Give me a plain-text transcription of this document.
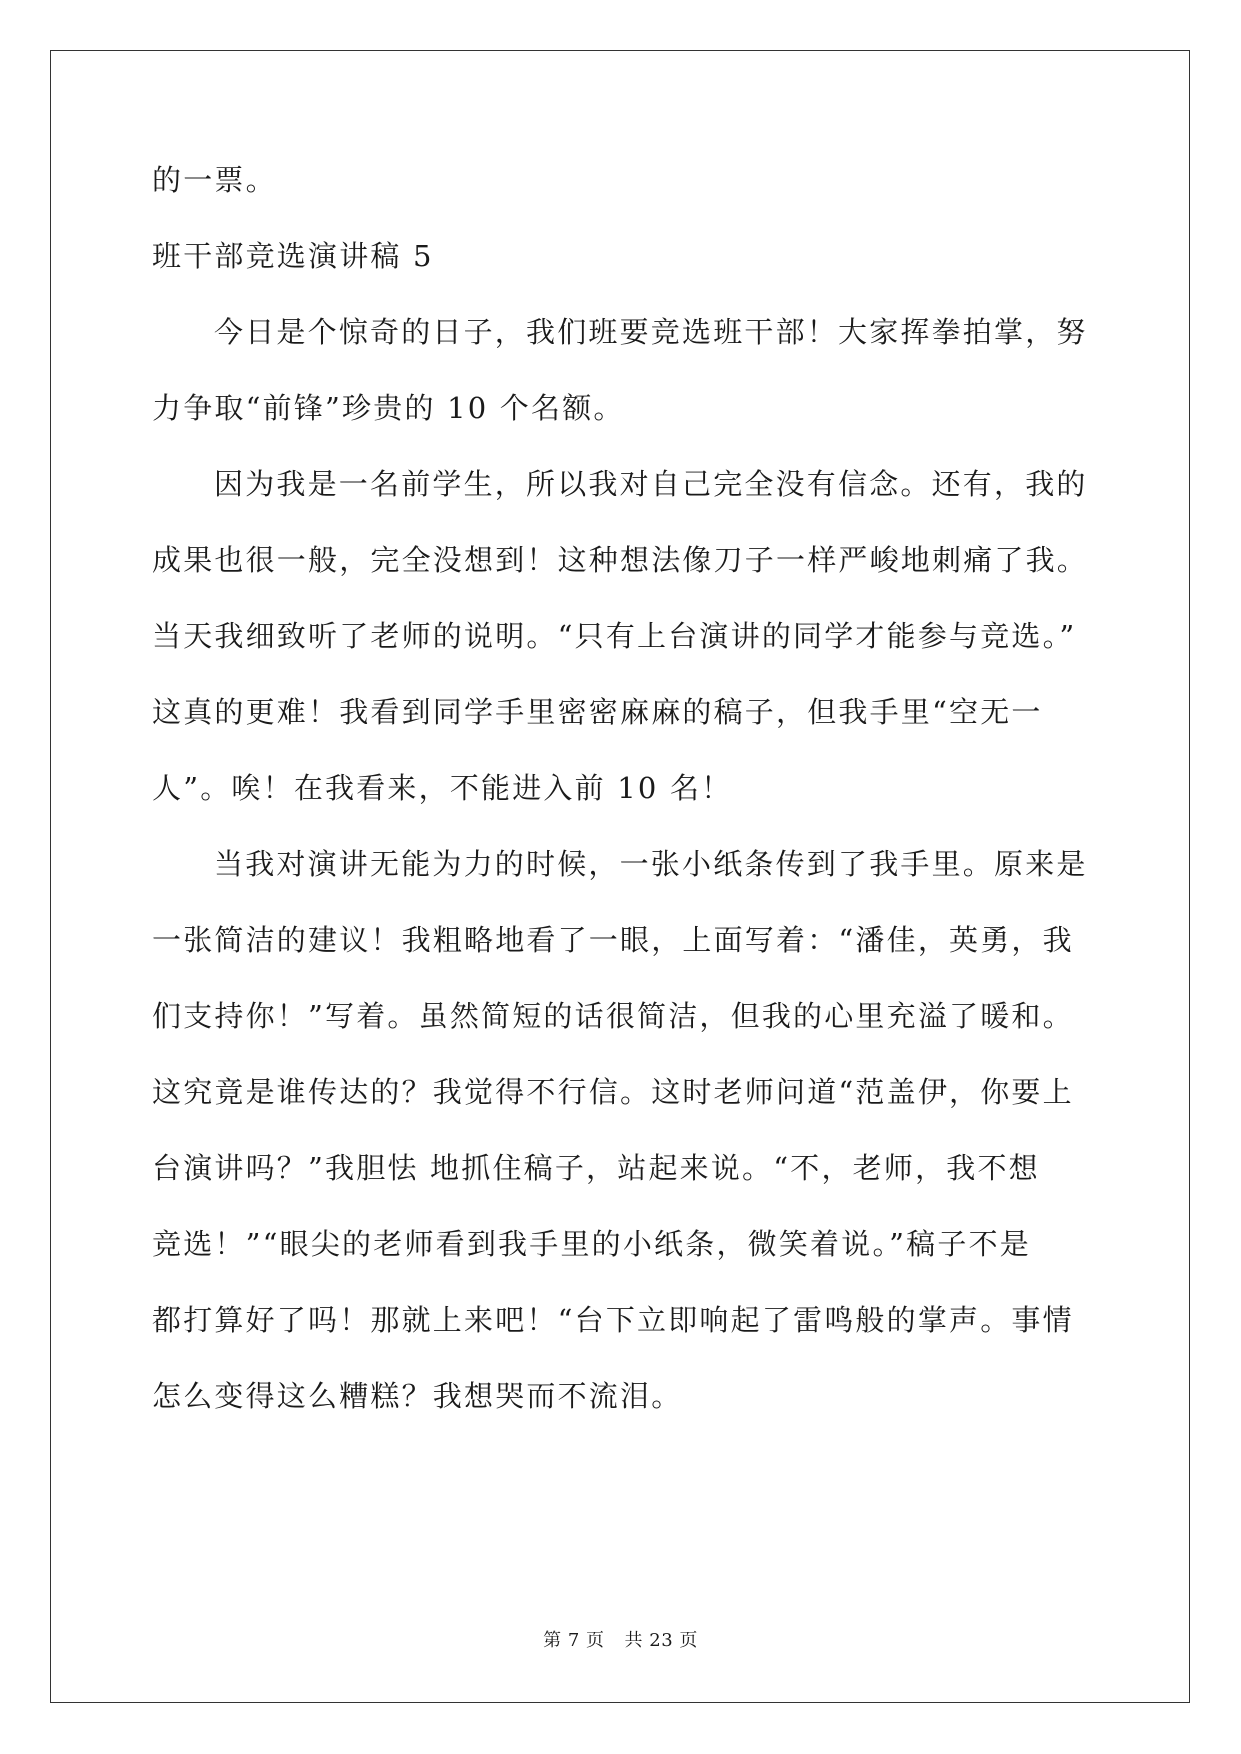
的一票。
班干部竞选演讲稿 5
今日是个惊奇的日子，我们班要竞选班干部！大家挥拳拍掌，努
力争取“前锋”珍贵的 10 个名额。
因为我是一名前学生，所以我对自己完全没有信念。还有，我的
成果也很一般，完全没想到！这种想法像刀子一样严峻地刺痛了我。
当天我细致听了老师的说明。“只有上台演讲的同学才能参与竞选。”
这真的更难！我看到同学手里密密麻麻的稿子，但我手里“空无一
人”。唉！在我看来，不能进入前 10 名！
当我对演讲无能为力的时候，一张小纸条传到了我手里。原来是
一张简洁的建议！我粗略地看了一眼，上面写着：“潘佳，英勇，我
们支持你！”写着。虽然简短的话很简洁，但我的心里充溢了暖和。
这究竟是谁传达的？我觉得不行信。这时老师问道“范盖伊，你要上
台演讲吗？”我胆怯 地抓住稿子，站起来说。“不，老师，我不想
竞选！”“眼尖的老师看到我手里的小纸条，微笑着说。”稿子不是
都打算好了吗！那就上来吧！“台下立即响起了雷鸣般的掌声。事情
怎么变得这么糟糕？我想哭而不流泪。
第 7 页 共 23 页
